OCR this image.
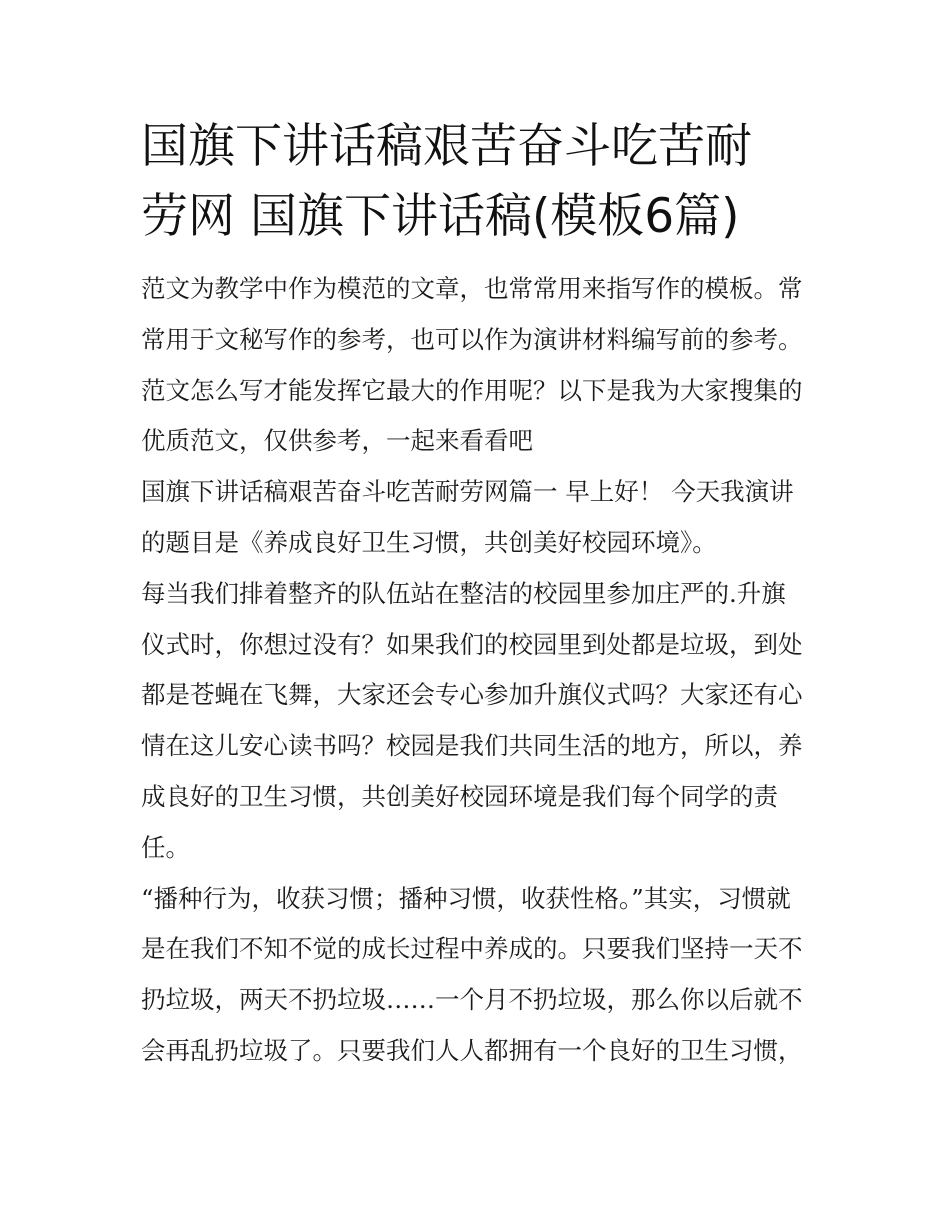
国旗下讲话稿艰苦奋斗吃苦耐
劳网 国旗下讲话稿(模板6篇)

范文为教学中作为模范的文章，也常常用来指写作的模板。常
常用于文秘写作的参考，也可以作为演讲材料编写前的参考。
范文怎么写才能发挥它最大的作用呢？以下是我为大家搜集的
优质范文，仅供参考，一起来看看吧

国旗下讲话稿艰苦奋斗吃苦耐劳网篇一 早上好！ 今天我演讲
的题目是《养成良好卫生习惯，共创美好校园环境》。

每当我们排着整齐的队伍站在整洁的校园里参加庄严的.升旗
仪式时，你想过没有？如果我们的校园里到处都是垃圾，到处
都是苍蝇在飞舞，大家还会专心参加升旗仪式吗？大家还有心
情在这儿安心读书吗？校园是我们共同生活的地方，所以，养
成良好的卫生习惯，共创美好校园环境是我们每个同学的责
任。

“播种行为，收获习惯；播种习惯，收获性格。”其实，习惯就
是在我们不知不觉的成长过程中养成的。只要我们坚持一天不
扔垃圾，两天不扔垃圾……一个月不扔垃圾，那么你以后就不
会再乱扔垃圾了。只要我们人人都拥有一个良好的卫生习惯，
